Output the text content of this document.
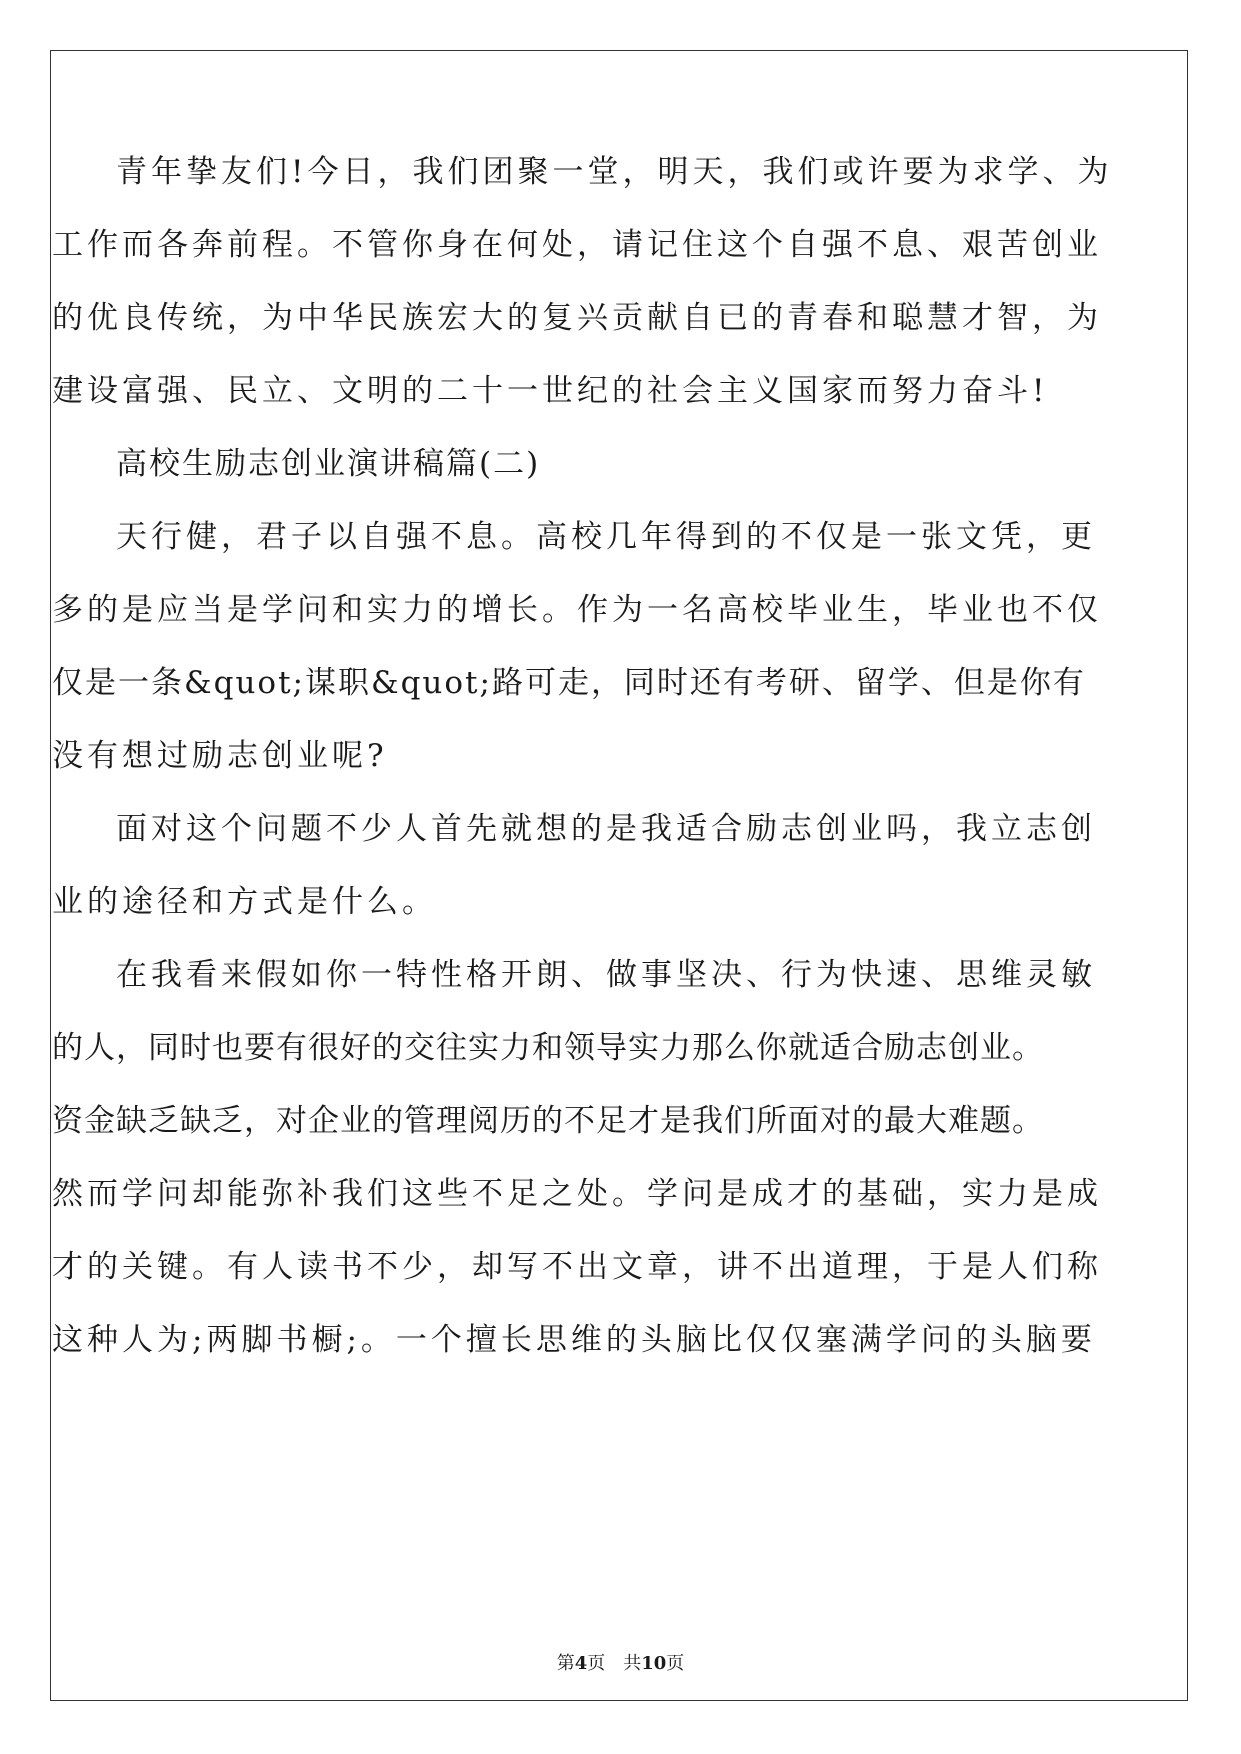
青年挚友们!今日，我们团聚一堂，明天，我们或许要为求学、为
工作而各奔前程。不管你身在何处，请记住这个自强不息、艰苦创业
的优良传统，为中华民族宏大的复兴贡献自已的青春和聪慧才智，为
建设富强、民立、文明的二十一世纪的社会主义国家而努力奋斗!
高校生励志创业演讲稿篇(二)
天行健，君子以自强不息。高校几年得到的不仅是一张文凭，更
多的是应当是学问和实力的增长。作为一名高校毕业生，毕业也不仅
仅是一条&quot;谋职&quot;路可走，同时还有考研、留学、但是你有
没有想过励志创业呢?
面对这个问题不少人首先就想的是我适合励志创业吗，我立志创
业的途径和方式是什么。
在我看来假如你一特性格开朗、做事坚决、行为快速、思维灵敏
的人，同时也要有很好的交往实力和领导实力那么你就适合励志创业。
资金缺乏缺乏，对企业的管理阅历的不足才是我们所面对的最大难题。
然而学问却能弥补我们这些不足之处。学问是成才的基础，实力是成
才的关键。有人读书不少，却写不出文章，讲不出道理，于是人们称
这种人为;两脚书橱;。一个擅长思维的头脑比仅仅塞满学问的头脑要
第4页　共10页
